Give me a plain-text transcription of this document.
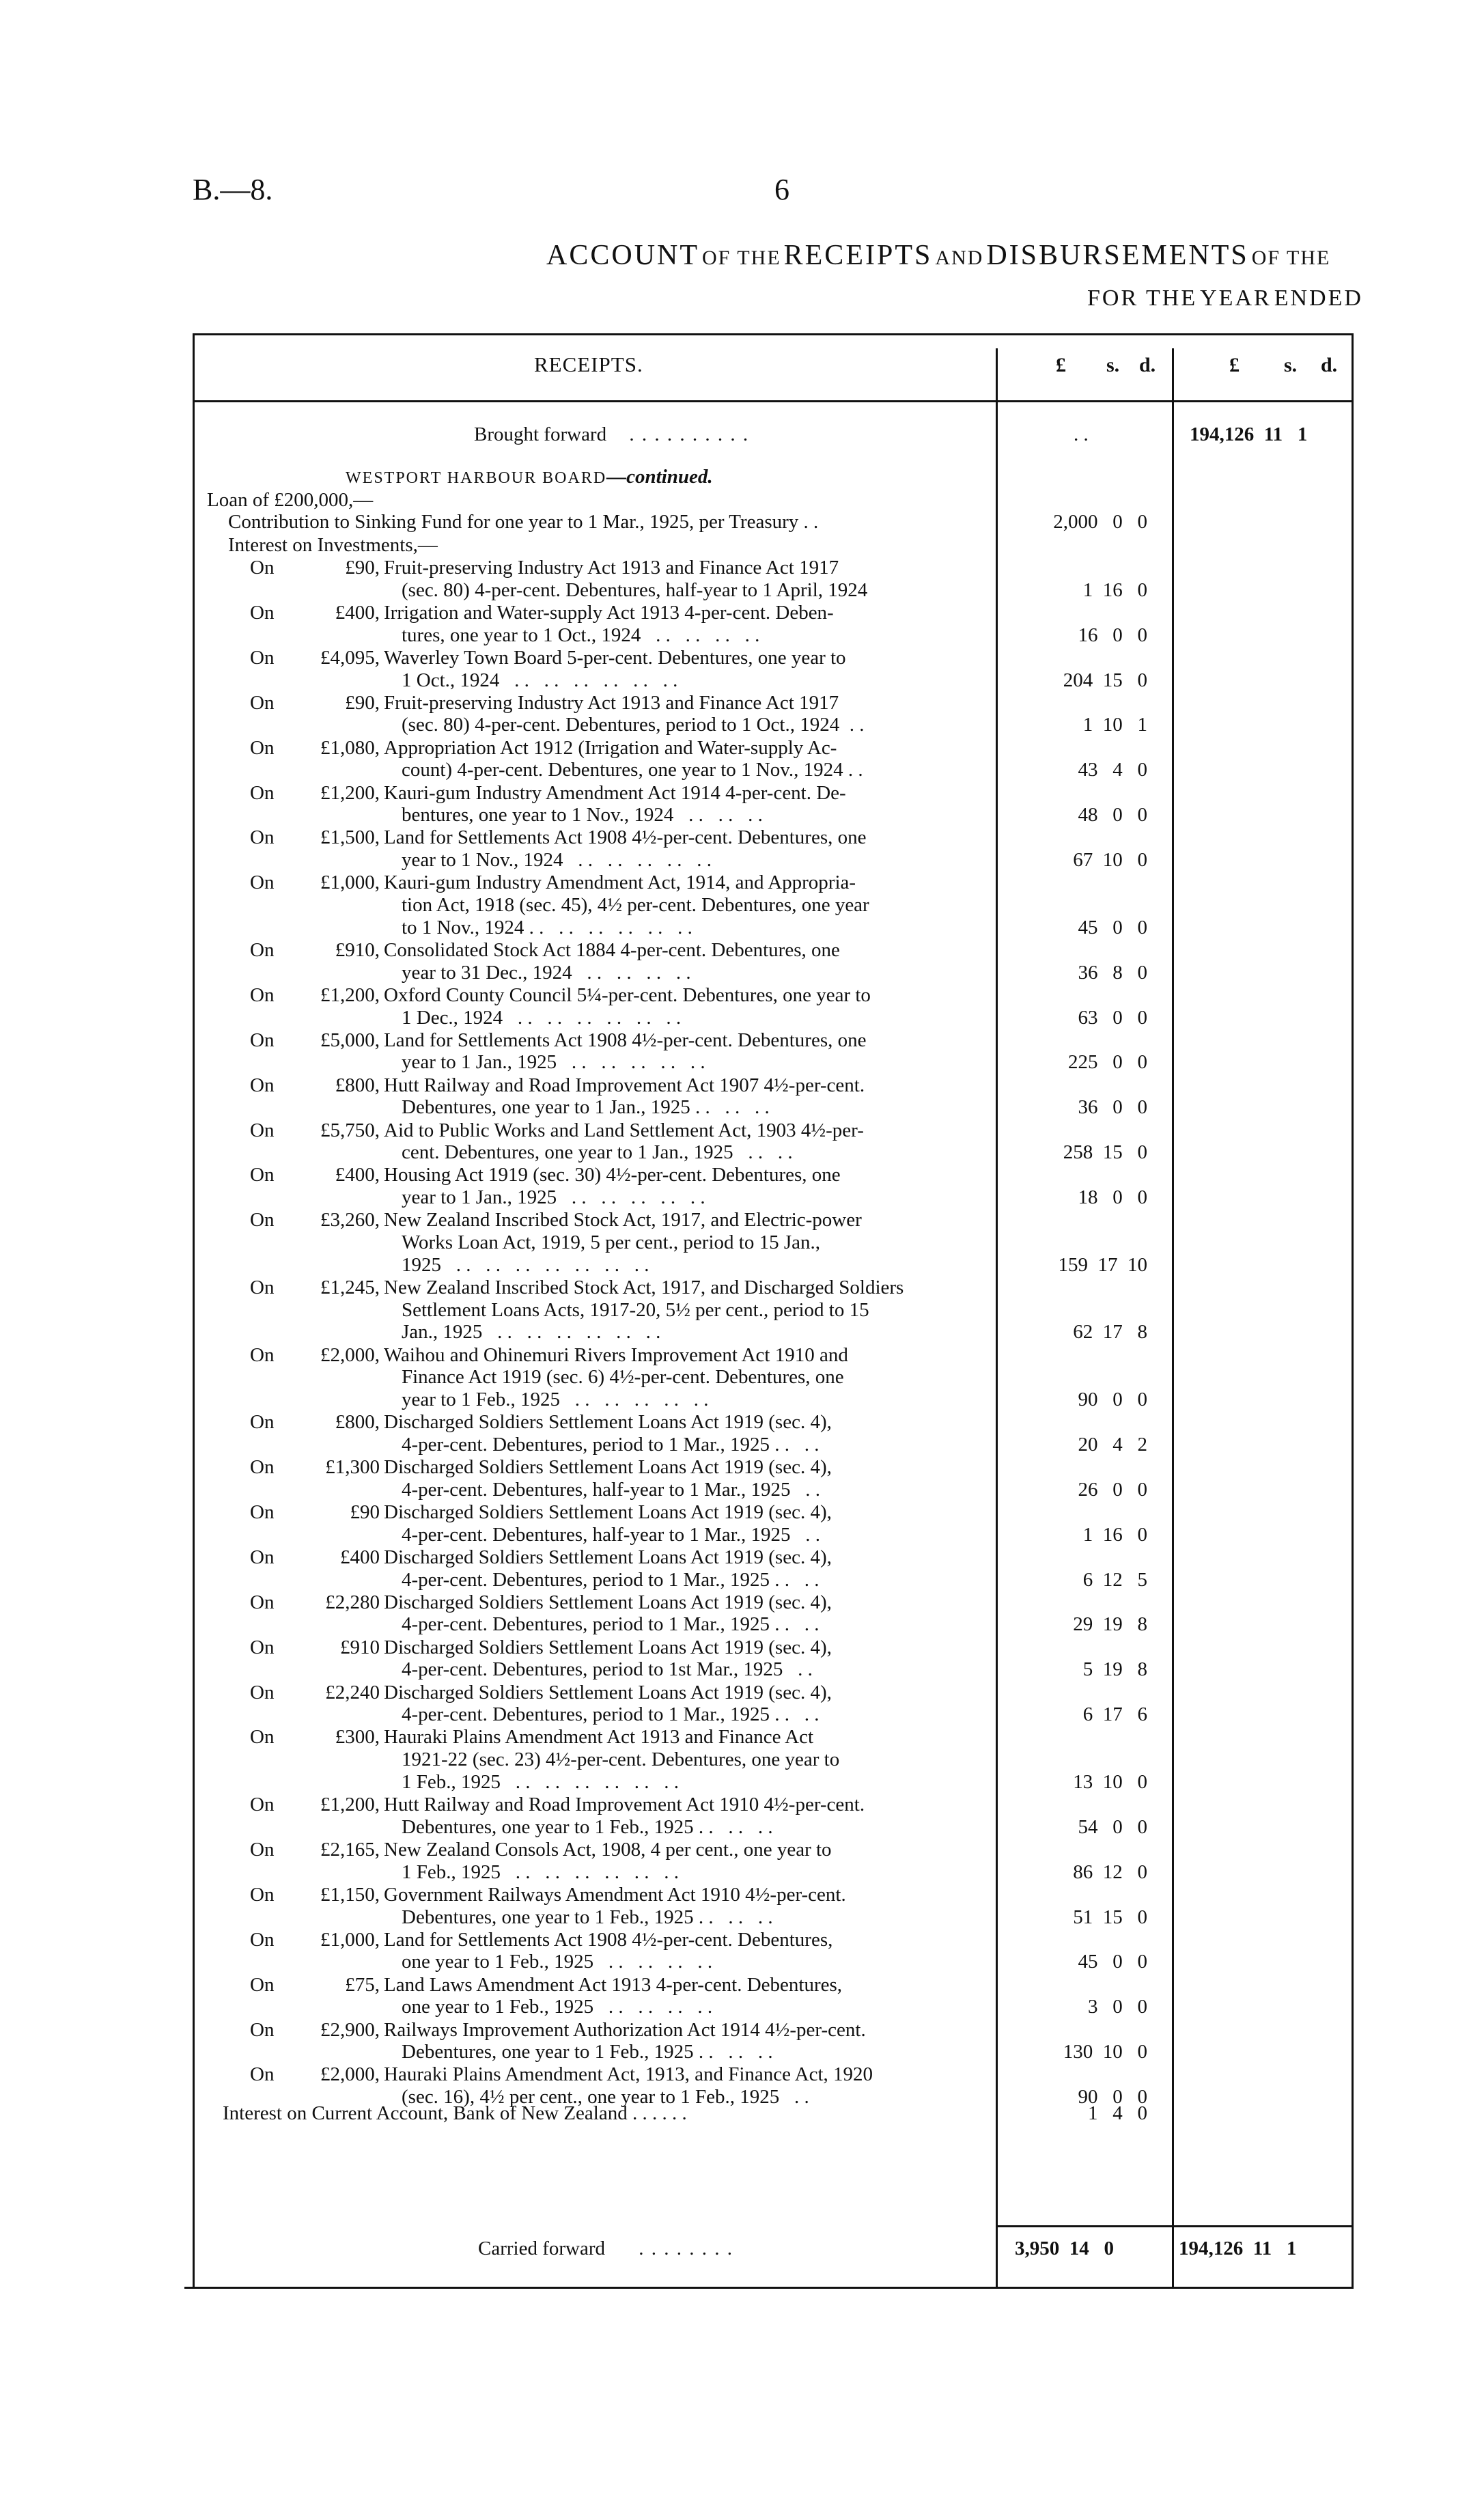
B.—8.	6
ACCOUNT OF THE RECEIPTS AND DISBURSEMENTS OF THE
FOR THE YEAR ENDED
RECEIPTS.	£ s. d.	£ s. d.
Brought forward . . . . . . . . . .	. .	194,126  11   1
WESTPORT HARBOUR BOARD—continued.
Loan of £200,000,—
Contribution to Sinking Fund for one year to 1 Mar., 1925, per Treasury . .	2,000   0   0
Interest on Investments,—
On	£90, Fruit-preserving Industry Act 1913 and Finance Act 1917
(sec. 80) 4-per-cent. Debentures, half-year to 1 April, 1924	1  16   0
On	£400, Irrigation and Water-supply Act 1913 4-per-cent. Deben-
tures, one year to 1 Oct., 1924   . .   . .   . .   . .	16   0   0
On	£4,095, Waverley Town Board 5-per-cent. Debentures, one year to
1 Oct., 1924   . .   . .   . .   . .   . .   . .	204  15   0
On	£90, Fruit-preserving Industry Act 1913 and Finance Act 1917
(sec. 80) 4-per-cent. Debentures, period to 1 Oct., 1924  . .	1  10   1
On	£1,080, Appropriation Act 1912 (Irrigation and Water-supply Ac-
count) 4-per-cent. Debentures, one year to 1 Nov., 1924 . .	43   4   0
On	£1,200, Kauri-gum Industry Amendment Act 1914 4-per-cent. De-
bentures, one year to 1 Nov., 1924   . .   . .   . .	48   0   0
On	£1,500, Land for Settlements Act 1908 4½-per-cent. Debentures, one
year to 1 Nov., 1924   . .   . .   . .   . .   . .	67  10   0
On	£1,000, Kauri-gum Industry Amendment Act, 1914, and Appropria-
tion Act, 1918 (sec. 45), 4½ per-cent. Debentures, one year
to 1 Nov., 1924 . .   . .   . .   . .   . .   . .	45   0   0
On	£910, Consolidated Stock Act 1884 4-per-cent. Debentures, one
year to 31 Dec., 1924   . .   . .   . .   . .	36   8   0
On	£1,200, Oxford County Council 5¼-per-cent. Debentures, one year to
1 Dec., 1924   . .   . .   . .   . .   . .   . .	63   0   0
On	£5,000, Land for Settlements Act 1908 4½-per-cent. Debentures, one
year to 1 Jan., 1925   . .   . .   . .   . .   . .	225   0   0
On	£800, Hutt Railway and Road Improvement Act 1907 4½-per-cent.
Debentures, one year to 1 Jan., 1925 . .   . .   . .	36   0   0
On	£5,750, Aid to Public Works and Land Settlement Act, 1903 4½-per-
cent. Debentures, one year to 1 Jan., 1925   . .   . .	258  15   0
On	£400, Housing Act 1919 (sec. 30) 4½-per-cent. Debentures, one
year to 1 Jan., 1925   . .   . .   . .   . .   . .	18   0   0
On	£3,260, New Zealand Inscribed Stock Act, 1917, and Electric-power
Works Loan Act, 1919, 5 per cent., period to 15 Jan.,
1925   . .   . .   . .   . .   . .   . .   . .	159  17  10
On	£1,245, New Zealand Inscribed Stock Act, 1917, and Discharged Soldiers
Settlement Loans Acts, 1917-20, 5½ per cent., period to 15
Jan., 1925   . .   . .   . .   . .   . .   . .	62  17   8
On	£2,000, Waihou and Ohinemuri Rivers Improvement Act 1910 and
Finance Act 1919 (sec. 6) 4½-per-cent. Debentures, one
year to 1 Feb., 1925   . .   . .   . .   . .   . .	90   0   0
On	£800, Discharged Soldiers Settlement Loans Act 1919 (sec. 4),
4-per-cent. Debentures, period to 1 Mar., 1925 . .   . .	20   4   2
On	£1,300 Discharged Soldiers Settlement Loans Act 1919 (sec. 4),
4-per-cent. Debentures, half-year to 1 Mar., 1925   . .	26   0   0
On	£90 Discharged Soldiers Settlement Loans Act 1919 (sec. 4),
4-per-cent. Debentures, half-year to 1 Mar., 1925   . .	1  16   0
On	£400 Discharged Soldiers Settlement Loans Act 1919 (sec. 4),
4-per-cent. Debentures, period to 1 Mar., 1925 . .   . .	6  12   5
On	£2,280 Discharged Soldiers Settlement Loans Act 1919 (sec. 4),
4-per-cent. Debentures, period to 1 Mar., 1925 . .   . .	29  19   8
On	£910 Discharged Soldiers Settlement Loans Act 1919 (sec. 4),
4-per-cent. Debentures, period to 1st Mar., 1925   . .	5  19   8
On	£2,240 Discharged Soldiers Settlement Loans Act 1919 (sec. 4),
4-per-cent. Debentures, period to 1 Mar., 1925 . .   . .	6  17   6
On	£300, Hauraki Plains Amendment Act 1913 and Finance Act
1921-22 (sec. 23) 4½-per-cent. Debentures, one year to
1 Feb., 1925   . .   . .   . .   . .   . .   . .	13  10   0
On	£1,200, Hutt Railway and Road Improvement Act 1910 4½-per-cent.
Debentures, one year to 1 Feb., 1925 . .   . .   . .	54   0   0
On	£2,165, New Zealand Consols Act, 1908, 4 per cent., one year to
1 Feb., 1925   . .   . .   . .   . .   . .   . .	86  12   0
On	£1,150, Government Railways Amendment Act 1910 4½-per-cent.
Debentures, one year to 1 Feb., 1925 . .   . .   . .	51  15   0
On	£1,000, Land for Settlements Act 1908 4½-per-cent. Debentures,
one year to 1 Feb., 1925   . .   . .   . .   . .	45   0   0
On	£75, Land Laws Amendment Act 1913 4-per-cent. Debentures,
one year to 1 Feb., 1925   . .   . .   . .   . .	3   0   0
On	£2,900, Railways Improvement Authorization Act 1914 4½-per-cent.
Debentures, one year to 1 Feb., 1925 . .   . .   . .	130  10   0
On	£2,000, Hauraki Plains Amendment Act, 1913, and Finance Act, 1920
(sec. 16), 4½ per cent., one year to 1 Feb., 1925   . .	90   0   0
Interest on Current Account, Bank of New Zealand . . . . . .	1   4   0
Carried forward . . . . . . . .	3,950  14   0	194,126  11   1
